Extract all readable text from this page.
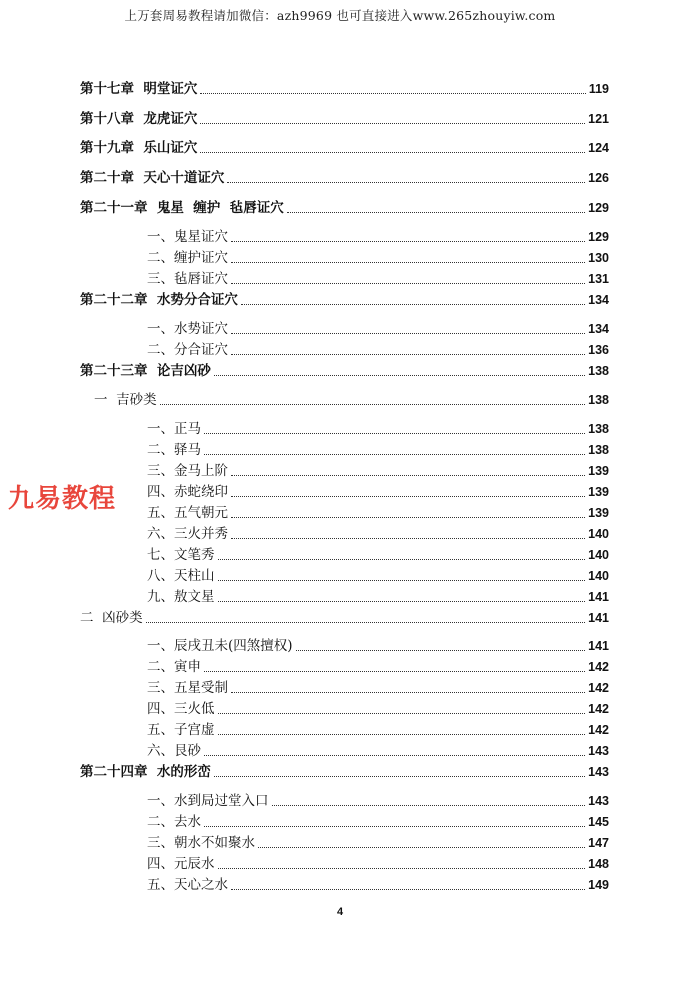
上万套周易教程请加微信：azh9969 也可直接进入www.265zhouyiw.com
九易教程
第十七章  明堂证穴	119
第十八章  龙虎证穴	121
第十九章  乐山证穴	124
第二十章  天心十道证穴	126
第二十一章  鬼星  缠护  毡唇证穴	129
一、鬼星证穴	129
二、缠护证穴	130
三、毡唇证穴	131
第二十二章  水势分合证穴	134
一、水势证穴	134
二、分合证穴	136
第二十三章  论吉凶砂	138
一  吉砂类	138
一、正马	138
二、驿马	138
三、金马上阶	139
四、赤蛇绕印	139
五、五气朝元	139
六、三火并秀	140
七、文笔秀	140
八、天柱山	140
九、敖文星	141
二  凶砂类	141
一、辰戌丑未(四煞擅权)	141
二、寅申	142
三、五星受制	142
四、三火低	142
五、子宫虚	142
六、艮砂	143
第二十四章  水的形峦	143
一、水到局过堂入口	143
二、去水	145
三、朝水不如聚水	147
四、元辰水	148
五、天心之水	149
4
